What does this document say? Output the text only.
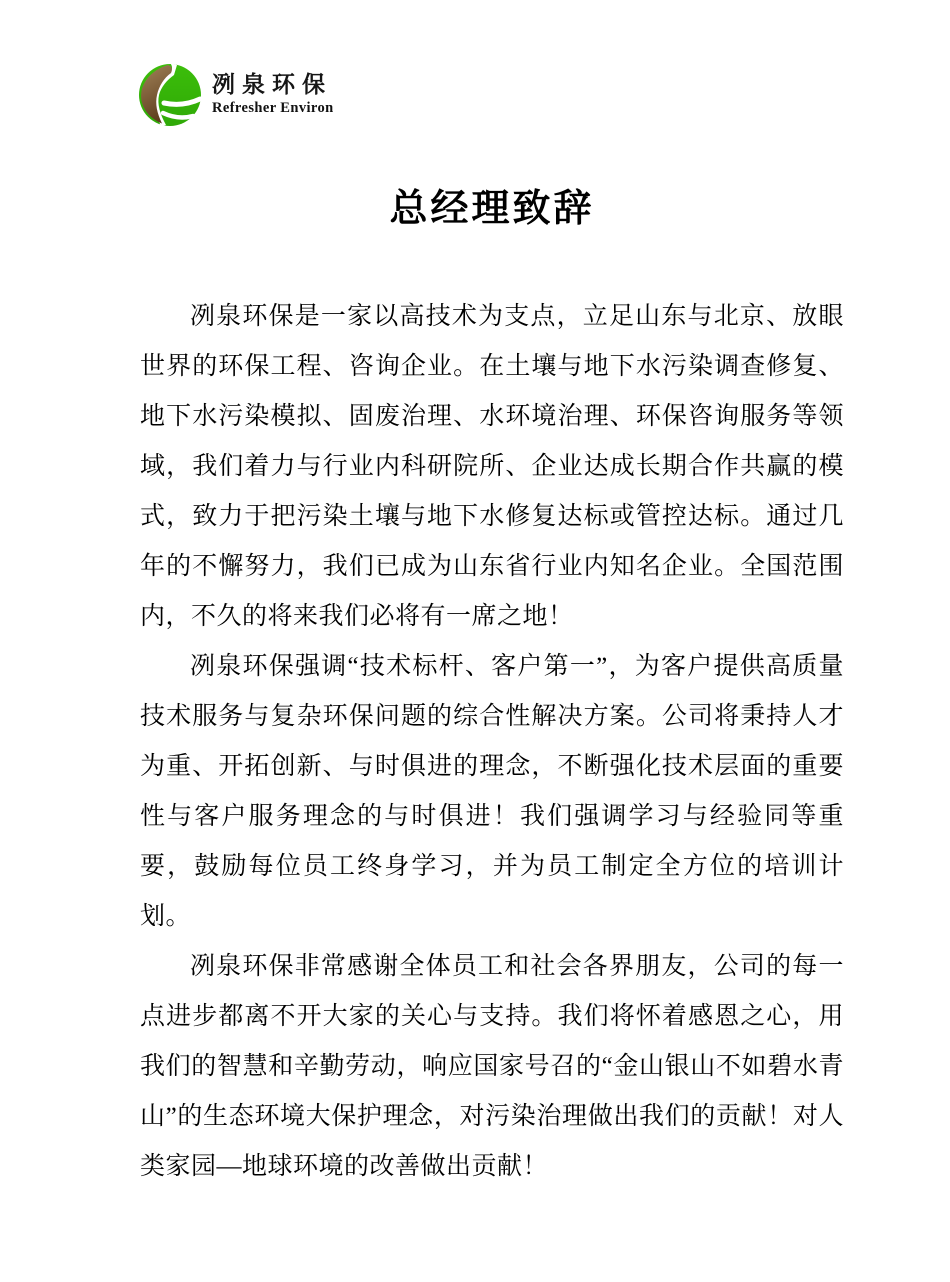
冽泉环保
Refresher Environ
总经理致辞

冽泉环保是一家以高技术为支点，立足山东与北京、放眼世界的环保工程、咨询企业。在土壤与地下水污染调查修复、地下水污染模拟、固废治理、水环境治理、环保咨询服务等领域，我们着力与行业内科研院所、企业达成长期合作共赢的模式，致力于把污染土壤与地下水修复达标或管控达标。通过几年的不懈努力，我们已成为山东省行业内知名企业。全国范围内，不久的将来我们必将有一席之地！

冽泉环保强调“技术标杆、客户第一”，为客户提供高质量技术服务与复杂环保问题的综合性解决方案。公司将秉持人才为重、开拓创新、与时俱进的理念，不断强化技术层面的重要性与客户服务理念的与时俱进！我们强调学习与经验同等重要，鼓励每位员工终身学习，并为员工制定全方位的培训计划。

冽泉环保非常感谢全体员工和社会各界朋友，公司的每一点进步都离不开大家的关心与支持。我们将怀着感恩之心，用我们的智慧和辛勤劳动，响应国家号召的“金山银山不如碧水青山”的生态环境大保护理念，对污染治理做出我们的贡献！对人类家园—地球环境的改善做出贡献！
